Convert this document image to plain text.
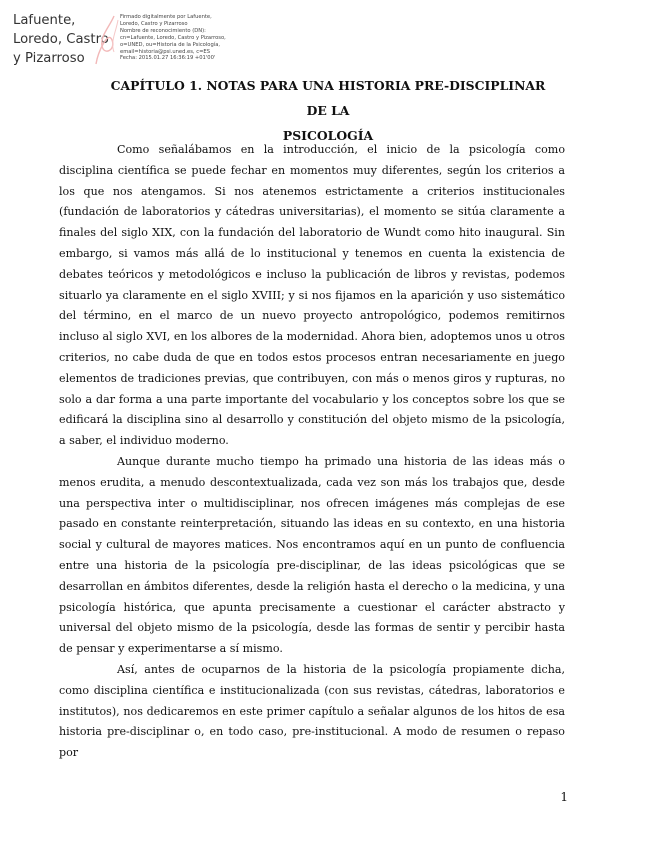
Lafuente,
Loredo, Castro
y Pizarroso
Firmado digitalmente por Lafuente,
Loredo, Castro y Pizarroso
Nombre de reconocimiento (DN):
cn=Lafuente, Loredo, Castro y Pizarroso,
o=UNED, ou=Historia de la Psicología,
email=historia@psi.uned.es, c=ES
Fecha: 2015.01.27 16:36:19 +01'00'
CAPÍTULO 1. NOTAS PARA UNA HISTORIA PRE-DISCIPLINAR DE LA
PSICOLOGÍA

Como señalábamos en la introducción, el inicio de la psicología como disciplina científica se puede fechar en momentos muy diferentes, según los criterios a los que nos atengamos. Si nos atenemos estrictamente a criterios institucionales (fundación de laboratorios y cátedras universitarias), el momento se sitúa claramente a finales del siglo XIX, con la fundación del laboratorio de Wundt como hito inaugural. Sin embargo, si vamos más allá de lo institucional y tenemos en cuenta la existencia de debates teóricos y metodológicos e incluso la publicación de libros y revistas, podemos situarlo ya claramente en el siglo XVIII; y si nos fijamos en la aparición y uso sistemático del término, en el marco de un nuevo proyecto antropológico, podemos remitirnos incluso al siglo XVI, en los albores de la modernidad. Ahora bien, adoptemos unos u otros criterios, no cabe duda de que en todos estos procesos entran necesariamente en juego elementos de tradiciones previas, que contribuyen, con más o menos giros y rupturas, no solo a dar forma a una parte importante del vocabulario y los conceptos sobre los que se edificará la disciplina sino al desarrollo y constitución del objeto mismo de la psicología, a saber, el individuo moderno.

Aunque durante mucho tiempo ha primado una historia de las ideas más o menos erudita, a menudo descontextualizada, cada vez son más los trabajos que, desde una perspectiva inter o multidisciplinar, nos ofrecen imágenes más complejas de ese pasado en constante reinterpretación, situando las ideas en su contexto, en una historia social y cultural de mayores matices. Nos encontramos aquí en un punto de confluencia entre una historia de la psicología pre-disciplinar, de las ideas psicológicas que se desarrollan en ámbitos diferentes, desde la religión hasta el derecho o la medicina, y una psicología histórica, que apunta precisamente a cuestionar el carácter abstracto y universal del objeto mismo de la psicología, desde las formas de sentir y percibir hasta de pensar y experimentarse a sí mismo.

Así, antes de ocuparnos de la historia de la psicología propiamente dicha, como disciplina científica e institucionalizada (con sus revistas, cátedras, laboratorios e institutos), nos dedicaremos en este primer capítulo a señalar algunos de los hitos de esa historia pre-disciplinar o, en todo caso, pre-institucional. A modo de resumen o repaso por

1
